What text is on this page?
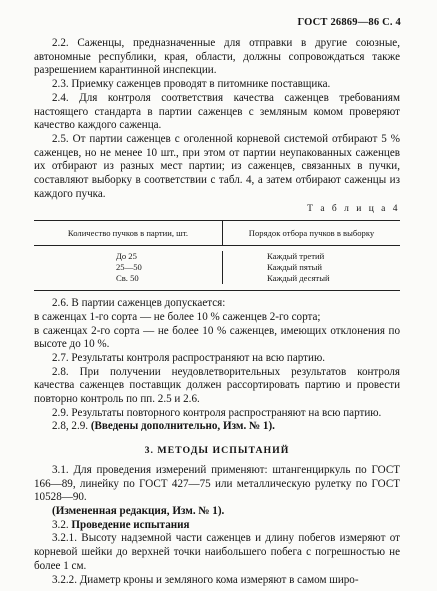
ГОСТ 26869—86 С. 4

2.2. Саженцы, предназначенные для отправки в другие союзные, автономные республики, края, области, должны сопровождаться также разрешением карантинной инспекции.

2.3. Приемку саженцев проводят в питомнике поставщика.

2.4. Для контроля соответствия качества саженцев требованиям настоящего стандарта в партии саженцев с земляным комом проверяют качество каждого саженца.

2.5. От партии саженцев с оголенной корневой системой отбирают 5 % саженцев, но не менее 10 шт., при этом от партии неупакованных саженцев их отбирают из разных мест партии; из саженцев, связанных в пучки, составляют выборку в соответствии с табл. 4, а затем отбирают саженцы из каждого пучка.

Т а б л и ц а 4
Количество пучков в партии, шт.	Порядок отбора пучков в выборку
До 25
25—50
Св. 50
Каждый третий
Каждый пятый
Каждый десятый

2.6. В партии саженцев допускается:

в саженцах 1-го сорта — не более 10 % саженцев 2-го сорта;

в саженцах 2-го сорта — не более 10 % саженцев, имеющих отклонения по высоте до 10 %.

2.7. Результаты контроля распространяют на всю партию.

2.8. При получении неудовлетворительных результатов контроля качества саженцев поставщик должен рассортировать партию и провести повторно контроль по пп. 2.5 и 2.6.

2.9. Результаты повторного контроля распространяют на всю партию.

2.8, 2.9. (Введены дополнительно, Изм. № 1).

3. МЕТОДЫ ИСПЫТАНИЙ

3.1. Для проведения измерений применяют: штангенциркуль по ГОСТ 166—89, линейку по ГОСТ 427—75 или металлическую рулетку по ГОСТ 10528—90.

(Измененная редакция, Изм. № 1).

3.2. Проведение испытания

3.2.1. Высоту надземной части саженцев и длину побегов измеряют от корневой шейки до верхней точки наибольшего побега с погрешностью не более 1 см.

3.2.2. Диаметр кроны и земляного кома измеряют в самом широ-
